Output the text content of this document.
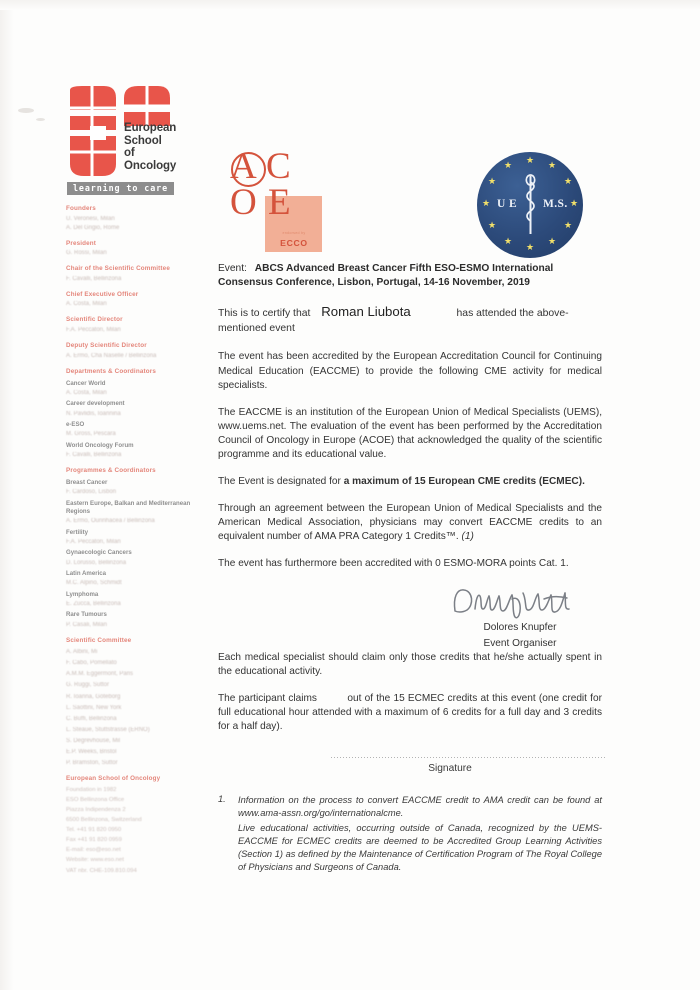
European
School
of
Oncology
learning to care
Founders
U. Veronesi, Milan
A. Del Grigio, Rome
President
G. Rossi, Milan
Chair of the Scientific Committee
F. Cavalli, Bellinzona
Chief Executive Officer
A. Costa, Milan
Scientific Director
F.A. Peccatori, Milan
Deputy Scientific Director
A. Ermo, Cha Naselle / Bellinzona
Departments & Coordinators
Cancer World
A. Costa, Milan
Career development
N. Pavlidis, Ioannina
e-ESO
M. Gross, Pescara
World Oncology Forum
F. Cavalli, Bellinzona
Programmes & Coordinators
Breast Cancer
F. Cardoso, Lisbon
Eastern Europe, Balkan and Mediterranean Regions
A. Ermo, Ourinhacea / Bellinzona
Fertility
F.A. Peccatori, Milan
Gynaecologic Cancers
D. Lorusso, Bellinzona
Latin America
M.C. Alpino, Schmidt
Lymphoma
E. Zucca, Bellinzona
Rare Tumours
P. Casali, Milan
Scientific Committee
A. Albini, Mi
F. Cabo, Pomellato
A.M.M. Eggermont, Paris
G. Ruggi, Suttor
R. Ioanna, Göteborg
L. Saottini, New York
C. Buffi, Bellinzona
L. Steaue, Stuttstrasse (ERNO)
S. Degrevhouse, Mil
E.P. Weeks, Bristol
P. Bramston, Suttor
European School of Oncology
Foundation in 1982
ESO Bellinzona Office
Piazza Indipendenza 2
6500 Bellinzona, Switzerland
Tel. +41 91 820 0950
Fax +41 91 820 0959
E-mail: eso@eso.net
Website: www.eso.net
VAT nbr. CHE-109.810.094
A C
O E
endorsed by
ECCO
★ ★
★
★
★
★
★
★
★
★
★
★
U E M.S.

Event: ABCS Advanced Breast Cancer Fifth ESO-ESMO International Consensus Conference, Lisbon, Portugal, 14-16 November, 2019

This is to certify that Roman Liubota	has attended the above-mentioned event

The event has been accredited by the European Accreditation Council for Continuing Medical Education (EACCME) to provide the following CME activity for medical specialists.

The EACCME is an institution of the European Union of Medical Specialists (UEMS), www.uems.net. The evaluation of the event has been performed by the Accreditation Council of Oncology in Europe (ACOE) that acknowledged the quality of the scientific programme and its educational value.

The Event is designated for a maximum of 15 European CME credits (ECMEC).

Through an agreement between the European Union of Medical Specialists and the American Medical Association, physicians may convert EACCME credits to an equivalent number of AMA PRA Category 1 Credits™. (1)

The event has furthermore been accredited with 0 ESMO-MORA points Cat. 1.

Each medical specialist should claim only those credits that he/she actually spent in the educational activity.

The participant claims	out of the 15 ECMEC credits at this event (one credit for full educational hour attended with a maximum of 6 credits for a full day and 3 credits for a half day).

Dolores Knupfer
Event Organiser
Signature
1. Information on the process to convert EACCME credit to AMA credit can be found at www.ama-assn.org/go/internationalcme.

Live educational activities, occurring outside of Canada, recognized by the UEMS-EACCME for ECMEC credits are deemed to be Accredited Group Learning Activities (Section 1) as defined by the Maintenance of Certification Program of The Royal College of Physicians and Surgeons of Canada.
